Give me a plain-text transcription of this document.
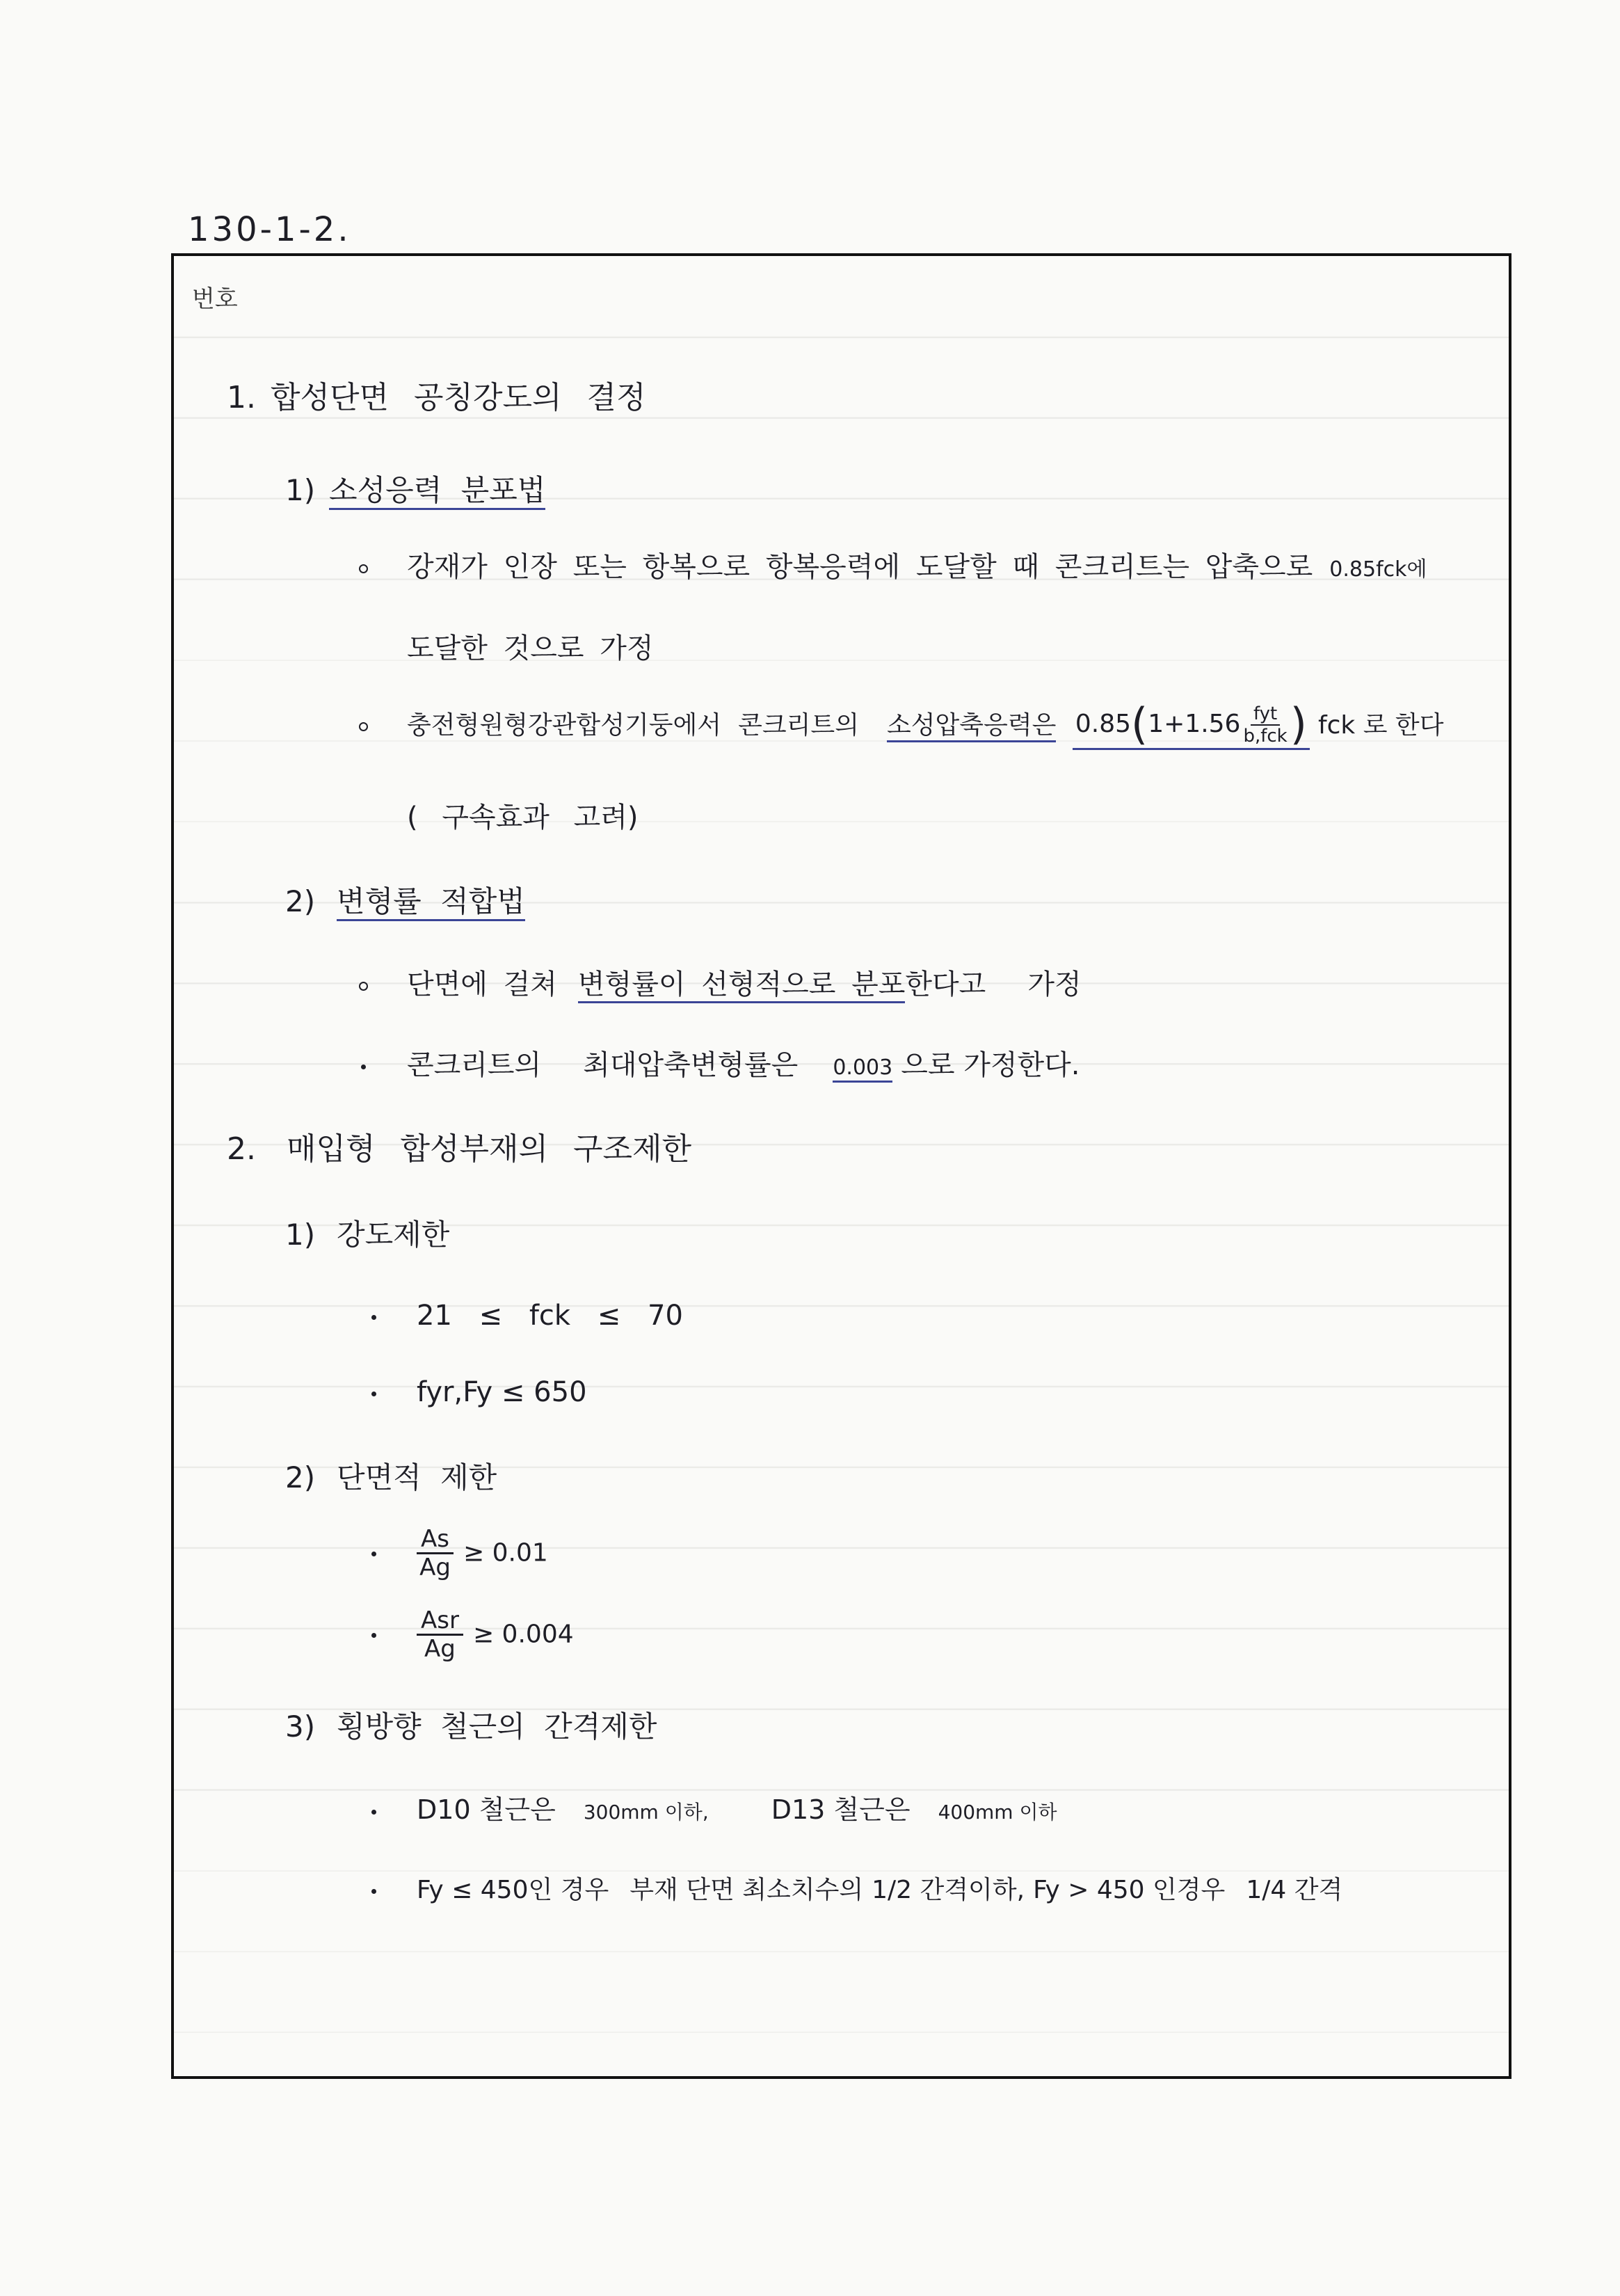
130-1-2.
번호
1. 합성단면 공칭강도의 결정
1) 소성응력 분포법
강재가 인장 또는 항복으로 항복응력에 도달할 때 콘크리트는 압축으로 0.85fck에
도달한 것으로 가정
충전형원형강관합성기둥에서 콘크리트의 소성압축응력은 $0.85(1+1.56 \frac{\text{fyt}}{\text{b,fck}}$ ) fck 로 한다
( 구속효과 고려)
2) 변형률 적합법
단면에 걸쳐 변형률이 선형적으로 분포한다고 가정
콘크리트의 최대압축변형률은 0.003 으로 가정한다.
2. 매입형 합성부재의 구조제한
1) 강도제한
21 ≤ fck ≤ 70
fyr,Fy ≤ 650
2) 단면적 제한
$\frac{As}{Ag} \ge 0.01$
Asr
Ag
≥ 0.004
3) 횡방향 철근의 간격제한
D10 철근은 300mm 이하, D13 철근은 400mm 이하
Fy ≤ 450인 경우 부재 단면 최소치수의 1/2 간격이하, Fy > 450 인경우 1/4 간격
